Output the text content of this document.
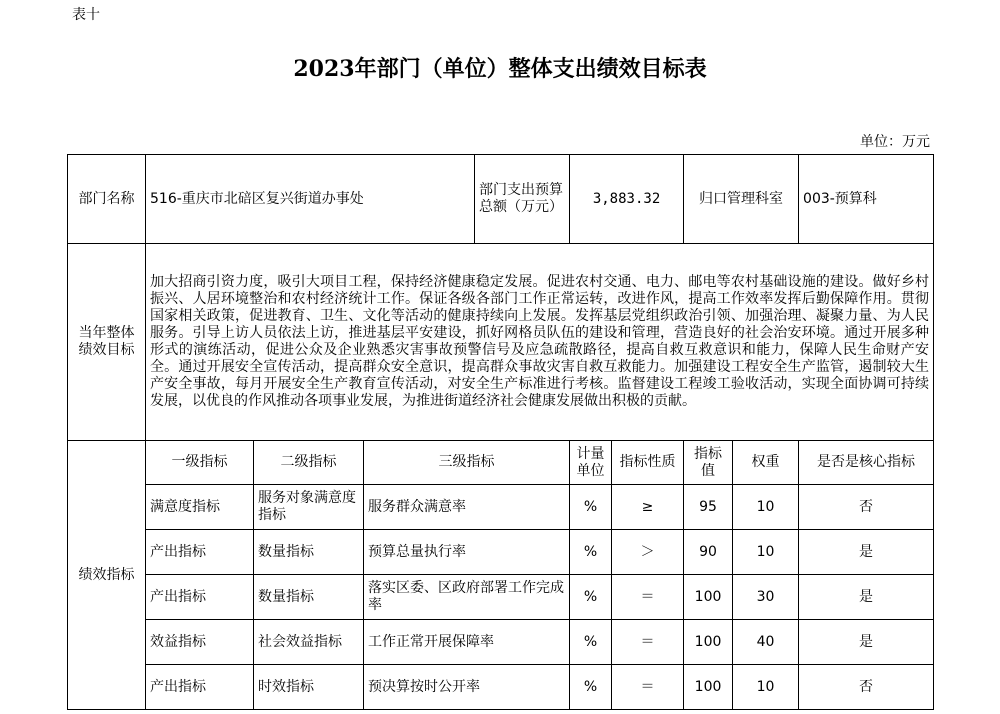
表十
2023年部门（单位）整体支出绩效目标表
单位：万元
部门名称	516-重庆市北碚区复兴街道办事处			部门支出预算总额（万元）	3,883.32		归口管理科室		003-预算科
当年整体绩效目标	加大招商引资力度，吸引大项目工程，保持经济健康稳定发展。促进农村交通、电力、邮电等农村基础设施的建设。做好乡村振兴、人居环境整治和农村经济统计工作。保证各级各部门工作正常运转，改进作风，提高工作效率发挥后勤保障作用。贯彻国家相关政策，促进教育、卫生、文化等活动的健康持续向上发展。发挥基层党组织政治引领、加强治理、凝聚力量、为人民服务。引导上访人员依法上访，推进基层平安建设，抓好网格员队伍的建设和管理，营造良好的社会治安环境。通过开展多种形式的演练活动，促进公众及企业熟悉灾害事故预警信号及应急疏散路径，提高自救互救意识和能力，保障人民生命财产安全。通过开展安全宣传活动，提高群众安全意识，提高群众事故灾害自救互救能力。加强建设工程安全生产监管，遏制较大生产安全事故，每月开展安全生产教育宣传活动，对安全生产标准进行考核。监督建设工程竣工验收活动，实现全面协调可持续发展，以优良的作风推动各项事业发展，为推进街道经济社会健康发展做出积极的贡献。								
绩效指标	一级指标	二级指标	三级指标		计量单位	指标性质	指标值	权重	是否是核心指标
	满意度指标	服务对象满意度指标	服务群众满意率		%	≥	95	10	否
	产出指标	数量指标	预算总量执行率		%	＞	90	10	是
	产出指标	数量指标	落实区委、区政府部署工作完成率		%	＝	100	30	是
	效益指标	社会效益指标	工作正常开展保障率		%	＝	100	40	是
	产出指标	时效指标	预决算按时公开率		%	＝	100	10	否
